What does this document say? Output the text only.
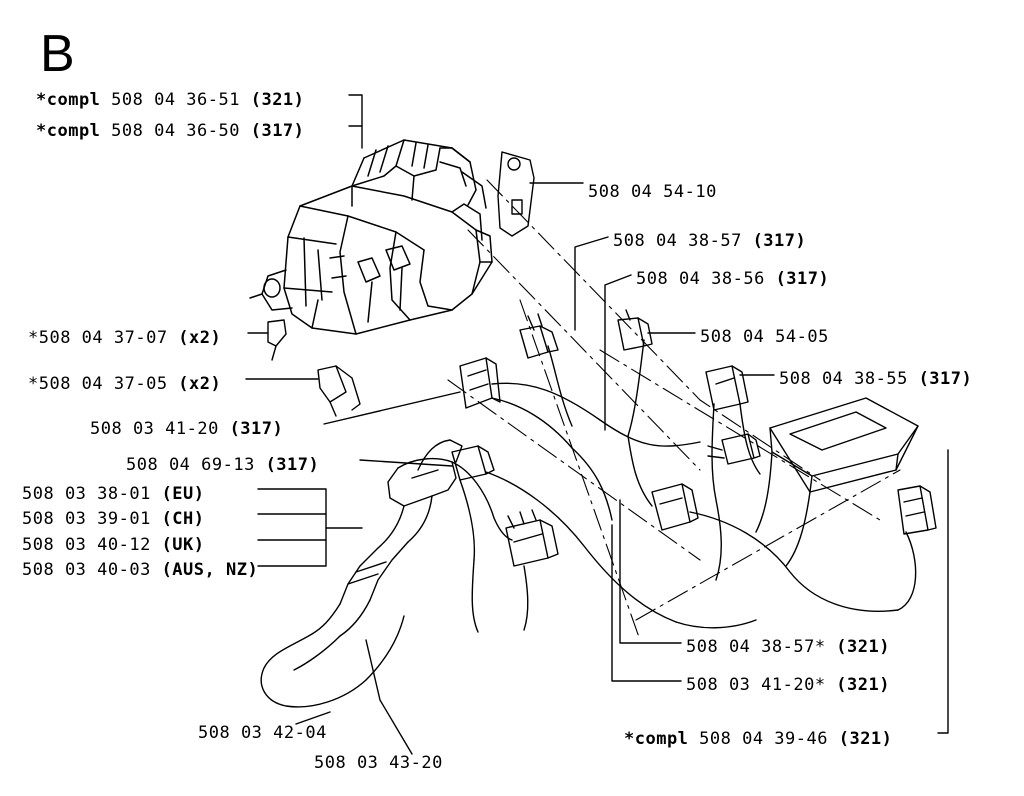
B
*compl 508 04 36-51 (321)
*compl 508 04 36-50 (317)
508 04 54-10
508 04 38-57 (317)
508 04 38-56 (317)
508 04 54-05
508 04 38-55 (317)
*508 04 37-07 (x2)
*508 04 37-05 (x2)
508 03 41-20 (317)
508 04 69-13 (317)
508 03 38-01 (EU)
508 03 39-01 (CH)
508 03 40-12 (UK)
508 03 40-03 (AUS, NZ)
508 04 38-57* (321)
508 03 41-20* (321)
508 03 42-04	*compl 508 04 39-46 (321)
508 03 43-20
